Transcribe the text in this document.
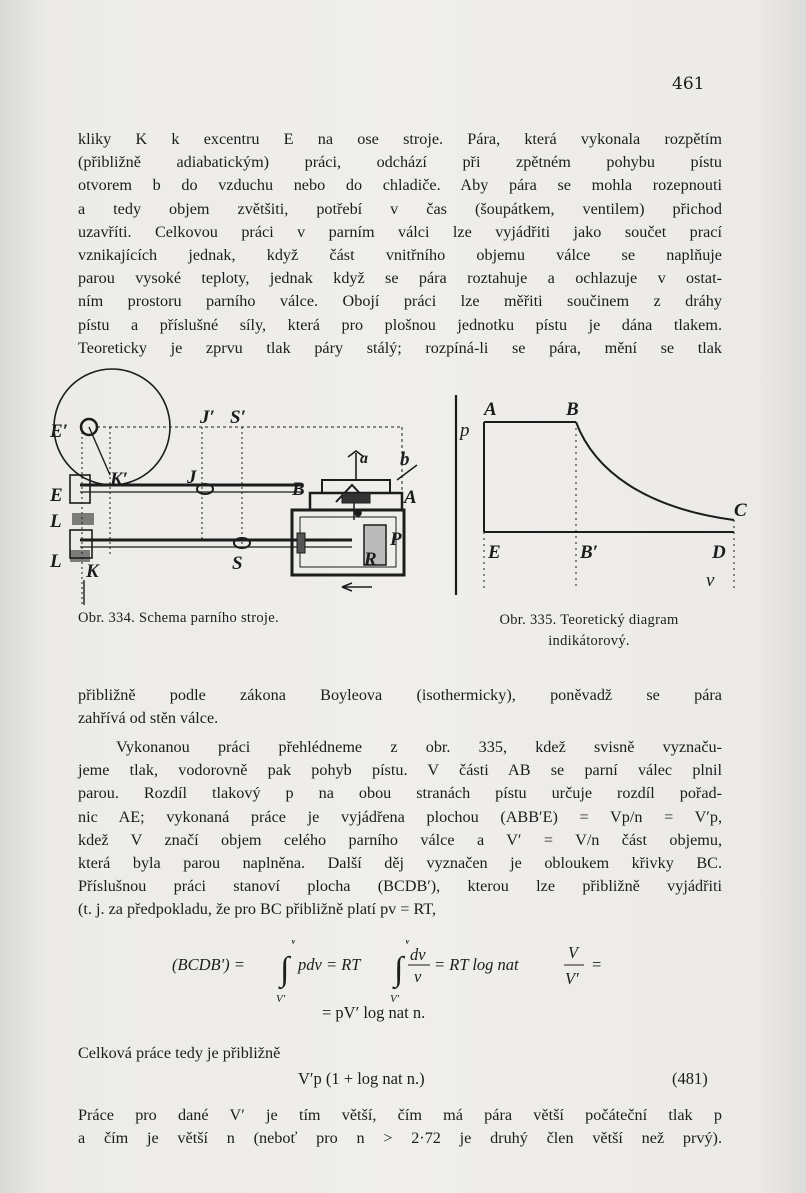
461
kliky K k excentru E na ose stroje. Pára, která vykonala rozpětím
(přibližně adiabatickým) práci, odchází při zpětném pohybu pístu
otvorem b do vzduchu nebo do chladiče. Aby pára se mohla rozepnouti
a tedy objem zvětšiti, potřebí v čas (šoupátkem, ventilem) přichod
uzavříti. Celkovou práci v parním válci lze vyjádřiti jako součet prací
vznikajících jednak, když část vnitřního objemu válce se naplňuje
parou vysoké teploty, jednak když se pára roztahuje a ochlazuje v ostat-
ním prostoru parního válce. Obojí práci lze měřiti součinem z dráhy
pístu a příslušné síly, která pro plošnou jednotku pístu je dána tlakem.
Teoreticky je zprvu tlak páry stálý; rozpíná-li se pára, mění se tlak
E′
J′ S′
K′
a b
E
J
B	A
L
L K	S
P
R
Obr. 334. Schema parního stroje.
A	B
p
C
E	B′	D
v
Obr. 335. Teoretický diagram
indikátorový.
přibližně podle zákona Boyleova (isothermicky), poněvadž se pára
zahřívá od stěn válce.
Vykonanou práci přehlédneme z obr. 335, kdež svisně vyznaču-
jeme tlak, vodorovně pak pohyb pístu. V části AB se parní válec plnil
parou. Rozdíl tlakový p na obou stranách pístu určuje rozdíl pořad-
nic AE; vykonaná práce je vyjádřena plochou (ABB′E) = Vp/n = V′p,
kdež V značí objem celého parního válce a V′ = V/n část objemu,
která byla parou naplněna. Další děj vyznačen je obloukem křivky BC.
Příslušnou práci stanoví plocha (BCDB′), kterou lze přibližně vyjádřiti
(t. j. za předpokladu, že pro BC přibližně platí pv = RT,
(BCDB′) =
V
∫
V′
pdv = RT
V
∫
V′
dv
v
= RT log nat
V
V′
=
= pV′ log nat n.
Celková práce tedy je přibližně
V′p (1 + log nat n.)	(481)
Práce pro dané V′ je tím větší, čím má pára větší počáteční tlak p
a čím je větší n (neboť pro n > 2·72 je druhý člen větší než prvý).
